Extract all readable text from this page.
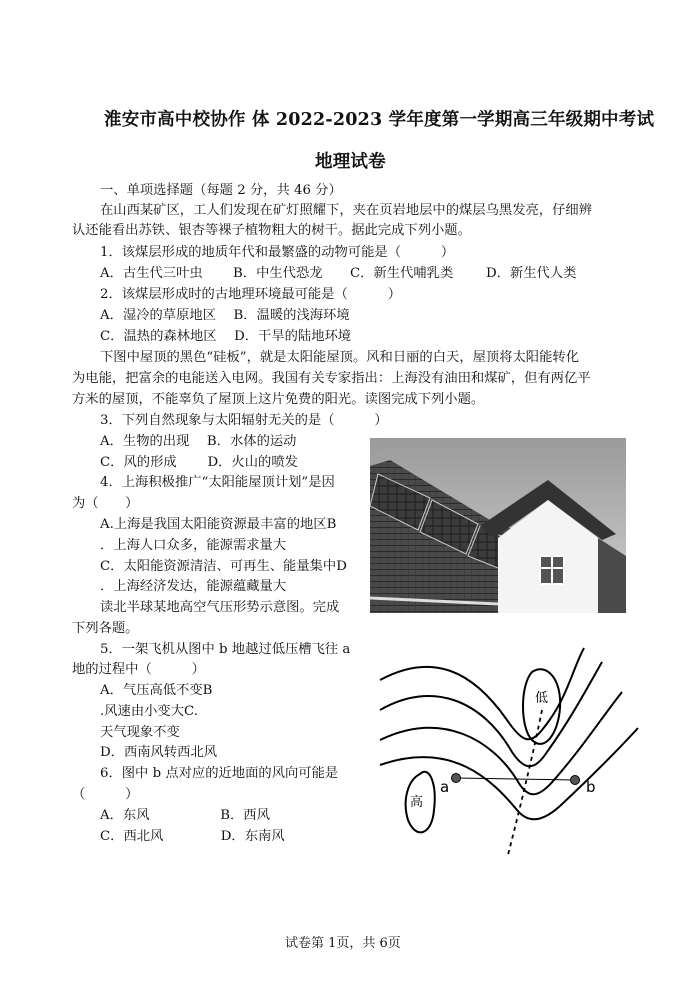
淮安市高中校协作 体 2022-2023 学年度第一学期高三年级期中考试
地理试卷
一、单项选择题（每题 2 分，共 46 分）
在山西某矿区，工人们发现在矿灯照耀下，夹在页岩地层中的煤层乌黑发亮，仔细辨
认还能看出苏铁、银杏等裸子植物粗大的树干。据此完成下列小题。
1．该煤层形成的地质年代和最繁盛的动物可能是（　　　）
A．古生代三叶虫 B．中生代恐龙 C．新生代哺乳类 D．新生代人类
2．该煤层形成时的古地理环境最可能是（　　　）
A．湿冷的草原地区　 B．温暖的浅海环境
C．温热的森林地区　 D．干旱的陆地环境
下图中屋顶的黑色“硅板”，就是太阳能屋顶。风和日丽的白天，屋顶将太阳能转化
为电能，把富余的电能送入电网。我国有关专家指出：上海没有油田和煤矿，但有两亿平
方米的屋顶，不能辜负了屋顶上这片免费的阳光。读图完成下列小题。
3．下列自然现象与太阳辐射无关的是（　　　）
A．生物的出现　 B．水体的运动
C．风的形成　　 D．火山的喷发
4．上海积极推广“太阳能屋顶计划”是因
为（　　）
A.上海是我国太阳能资源最丰富的地区B
．上海人口众多，能源需求量大
C．太阳能资源清洁、可再生、能量集中D
．上海经济发达，能源蕴藏量大
读北半球某地高空气压形势示意图。完成
下列各题。
5．一架飞机从图中 b 地越过低压槽飞往 a
地的过程中（　　　）
A．气压高低不变B
.风速由小变大C.
天气现象不变
D．西南风转西北风
6．图中 b 点对应的近地面的风向可能是
（　　　）
A．东风　　　　　 B．西风
C．西北风　　　　 D．东南风
低
高
a	b
试卷第 1页，共 6页
